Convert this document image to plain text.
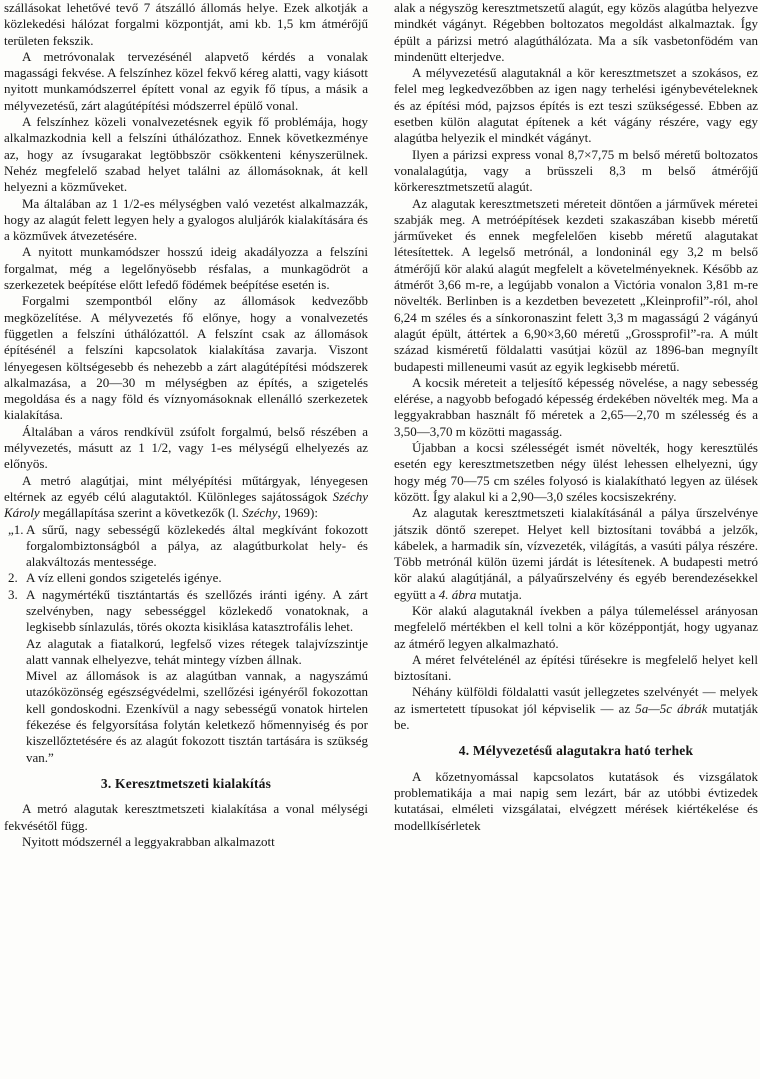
szállásokat lehetővé tevő 7 átszálló állomás helye. Ezek alkotják a közlekedési hálózat forgalmi központját, ami kb. 1,5 km átmérőjű területen fekszik.

A metróvonalak tervezésénél alapvető kérdés a vonalak magassági fekvése. A felszínhez közel fekvő kéreg alatti, vagy kiásott nyitott munkamódszerrel épített vonal az egyik fő típus, a másik a mélyvezetésű, zárt alagútépítési módszerrel épülő vonal.

A felszínhez közeli vonalvezetésnek egyik fő problémája, hogy alkalmazkodnia kell a felszíni úthálózathoz. Ennek következménye az, hogy az ívsugarakat legtöbbször csökkenteni kényszerülnek. Nehéz megfelelő szabad helyet találni az állomásoknak, át kell helyezni a közműveket.

Ma általában az 1 1/2-es mélységben való vezetést alkalmazzák, hogy az alagút felett legyen hely a gyalogos aluljárók kialakítására és a közművek átvezetésére.

A nyitott munkamódszer hosszú ideig akadályozza a felszíni forgalmat, még a legelőnyösebb résfalas, a munkagödröt a szerkezetek beépítése előtt lefedő födémek beépítése esetén is.

Forgalmi szempontból előny az állomások kedvezőbb megközelítése. A mélyvezetés fő előnye, hogy a vonalvezetés független a felszíni úthálózattól. A felszínt csak az állomások építésénél a felszíni kapcsolatok kialakítása zavarja. Viszont lényegesen költségesebb és nehezebb a zárt alagútépítési módszerek alkalmazása, a 20—30 m mélységben az építés, a szigetelés megoldása és a nagy föld és víznyomásoknak ellenálló szerkezetek kialakítása.

Általában a város rendkívül zsúfolt forgalmú, belső részében a mélyvezetés, másutt az 1 1/2, vagy 1-es mélységű elhelyezés az előnyös.

A metró alagútjai, mint mélyépítési műtárgyak, lényegesen eltérnek az egyéb célú alagutaktól. Különleges sajátosságok Széchy Károly megállapítása szerint a következők (l. Széchy, 1969):

„1. A sűrű, nagy sebességű közlekedés által megkívánt fokozott forgalombiztonságból a pálya, az alagútburkolat hely- és alakváltozás mentessége.

2. A víz elleni gondos szigetelés igénye.

3. A nagymértékű tisztántartás és szellőzés iránti igény. A zárt szelvényben, nagy sebességgel közlekedő vonatoknak, a legkisebb sínlazulás, törés okozta kisiklása katasztrofális lehet.

Az alagutak a fiatalkorú, legfelső vizes rétegek talajvízszintje alatt vannak elhelyezve, tehát mintegy vízben állnak.

Mivel az állomások is az alagútban vannak, a nagyszámú utazóközönség egészségvédelmi, szellőzési igényéről fokozottan kell gondoskodni. Ezenkívül a nagy sebességű vonatok hirtelen fékezése és felgyorsítása folytán keletkező hőmennyiség és por kiszellőztetésére és az alagút fokozott tisztán tartására is szükség van.”

3. Keresztmetszeti kialakítás

A metró alagutak keresztmetszeti kialakítása a vonal mélységi fekvésétől függ.

Nyitott módszernél a leggyakrabban alkalmazott

alak a négyszög keresztmetszetű alagút, egy közös alagútba helyezve mindkét vágányt. Régebben boltozatos megoldást alkalmaztak. Így épült a párizsi metró alagúthálózata. Ma a sík vasbetonfödém van mindenütt elterjedve.

A mélyvezetésű alagutaknál a kör keresztmetszet a szokásos, ez felel meg legkedvezőbben az igen nagy terhelési igénybevételeknek és az építési mód, pajzsos építés is ezt teszi szükségessé. Ebben az esetben külön alagutat építenek a két vágány részére, vagy egy alagútba helyezik el mindkét vágányt.

Ilyen a párizsi express vonal 8,7×7,75 m belső méretű boltozatos vonalalagútja, vagy a brüsszeli 8,3 m belső átmérőjű körkeresztmetszetű alagút.

Az alagutak keresztmetszeti méreteit döntően a járművek méretei szabják meg. A metróépítések kezdeti szakaszában kisebb méretű járműveket és ennek megfelelően kisebb méretű alagutakat létesítettek. A legelső metrónál, a londoninál egy 3,2 m belső átmérőjű kör alakú alagút megfelelt a követelményeknek. Később az átmérőt 3,66 m-re, a legújabb vonalon a Victória vonalon 3,81 m-re növelték. Berlinben is a kezdetben bevezetett „Kleinprofil”-ról, ahol 6,24 m széles és a sínkoronaszint felett 3,3 m magasságú 2 vágányú alagút épült, áttértek a 6,90×3,60 méretű „Grossprofil”-ra. A múlt század kisméretű földalatti vasútjai közül az 1896-ban megnyílt budapesti milleneumi vasút az egyik legkisebb méretű.

A kocsik méreteit a teljesítő képesség növelése, a nagy sebesség elérése, a nagyobb befogadó képesség érdekében növelték meg. Ma a leggyakrabban használt fő méretek a 2,65—2,70 m szélesség és a 3,50—3,70 m közötti magasság.

Újabban a kocsi szélességét ismét növelték, hogy keresztülés esetén egy keresztmetszetben négy ülést lehessen elhelyezni, úgy hogy még 70—75 cm széles folyosó is kialakítható legyen az ülések között. Így alakul ki a 2,90—3,0 széles kocsiszekrény.

Az alagutak keresztmetszeti kialakításánál a pálya űrszelvénye játszik döntő szerepet. Helyet kell biztosítani továbbá a jelzők, kábelek, a harmadik sín, vízvezeték, világítás, a vasúti pálya részére. Több metrónál külön üzemi járdát is létesítenek. A budapesti metró kör alakú alagútjánál, a pályaűrszelvény és egyéb berendezésekkel együtt a 4. ábra mutatja.

Kör alakú alagutaknál ívekben a pálya túlemeléssel arányosan megfelelő mértékben el kell tolni a kör középpontját, hogy ugyanaz az átmérő legyen alkalmazható.

A méret felvételénél az építési tűrésekre is megfelelő helyet kell biztosítani.

Néhány külföldi földalatti vasút jellegzetes szelvényét — melyek az ismertetett típusokat jól képviselik — az 5a—5c ábrák mutatják be.

4. Mélyvezetésű alagutakra ható terhek

A kőzetnyomással kapcsolatos kutatások és vizsgálatok problematikája a mai napig sem lezárt, bár az utóbbi évtizedek kutatásai, elméleti vizsgálatai, elvégzett mérések kiértékelése és modellkísérletek
